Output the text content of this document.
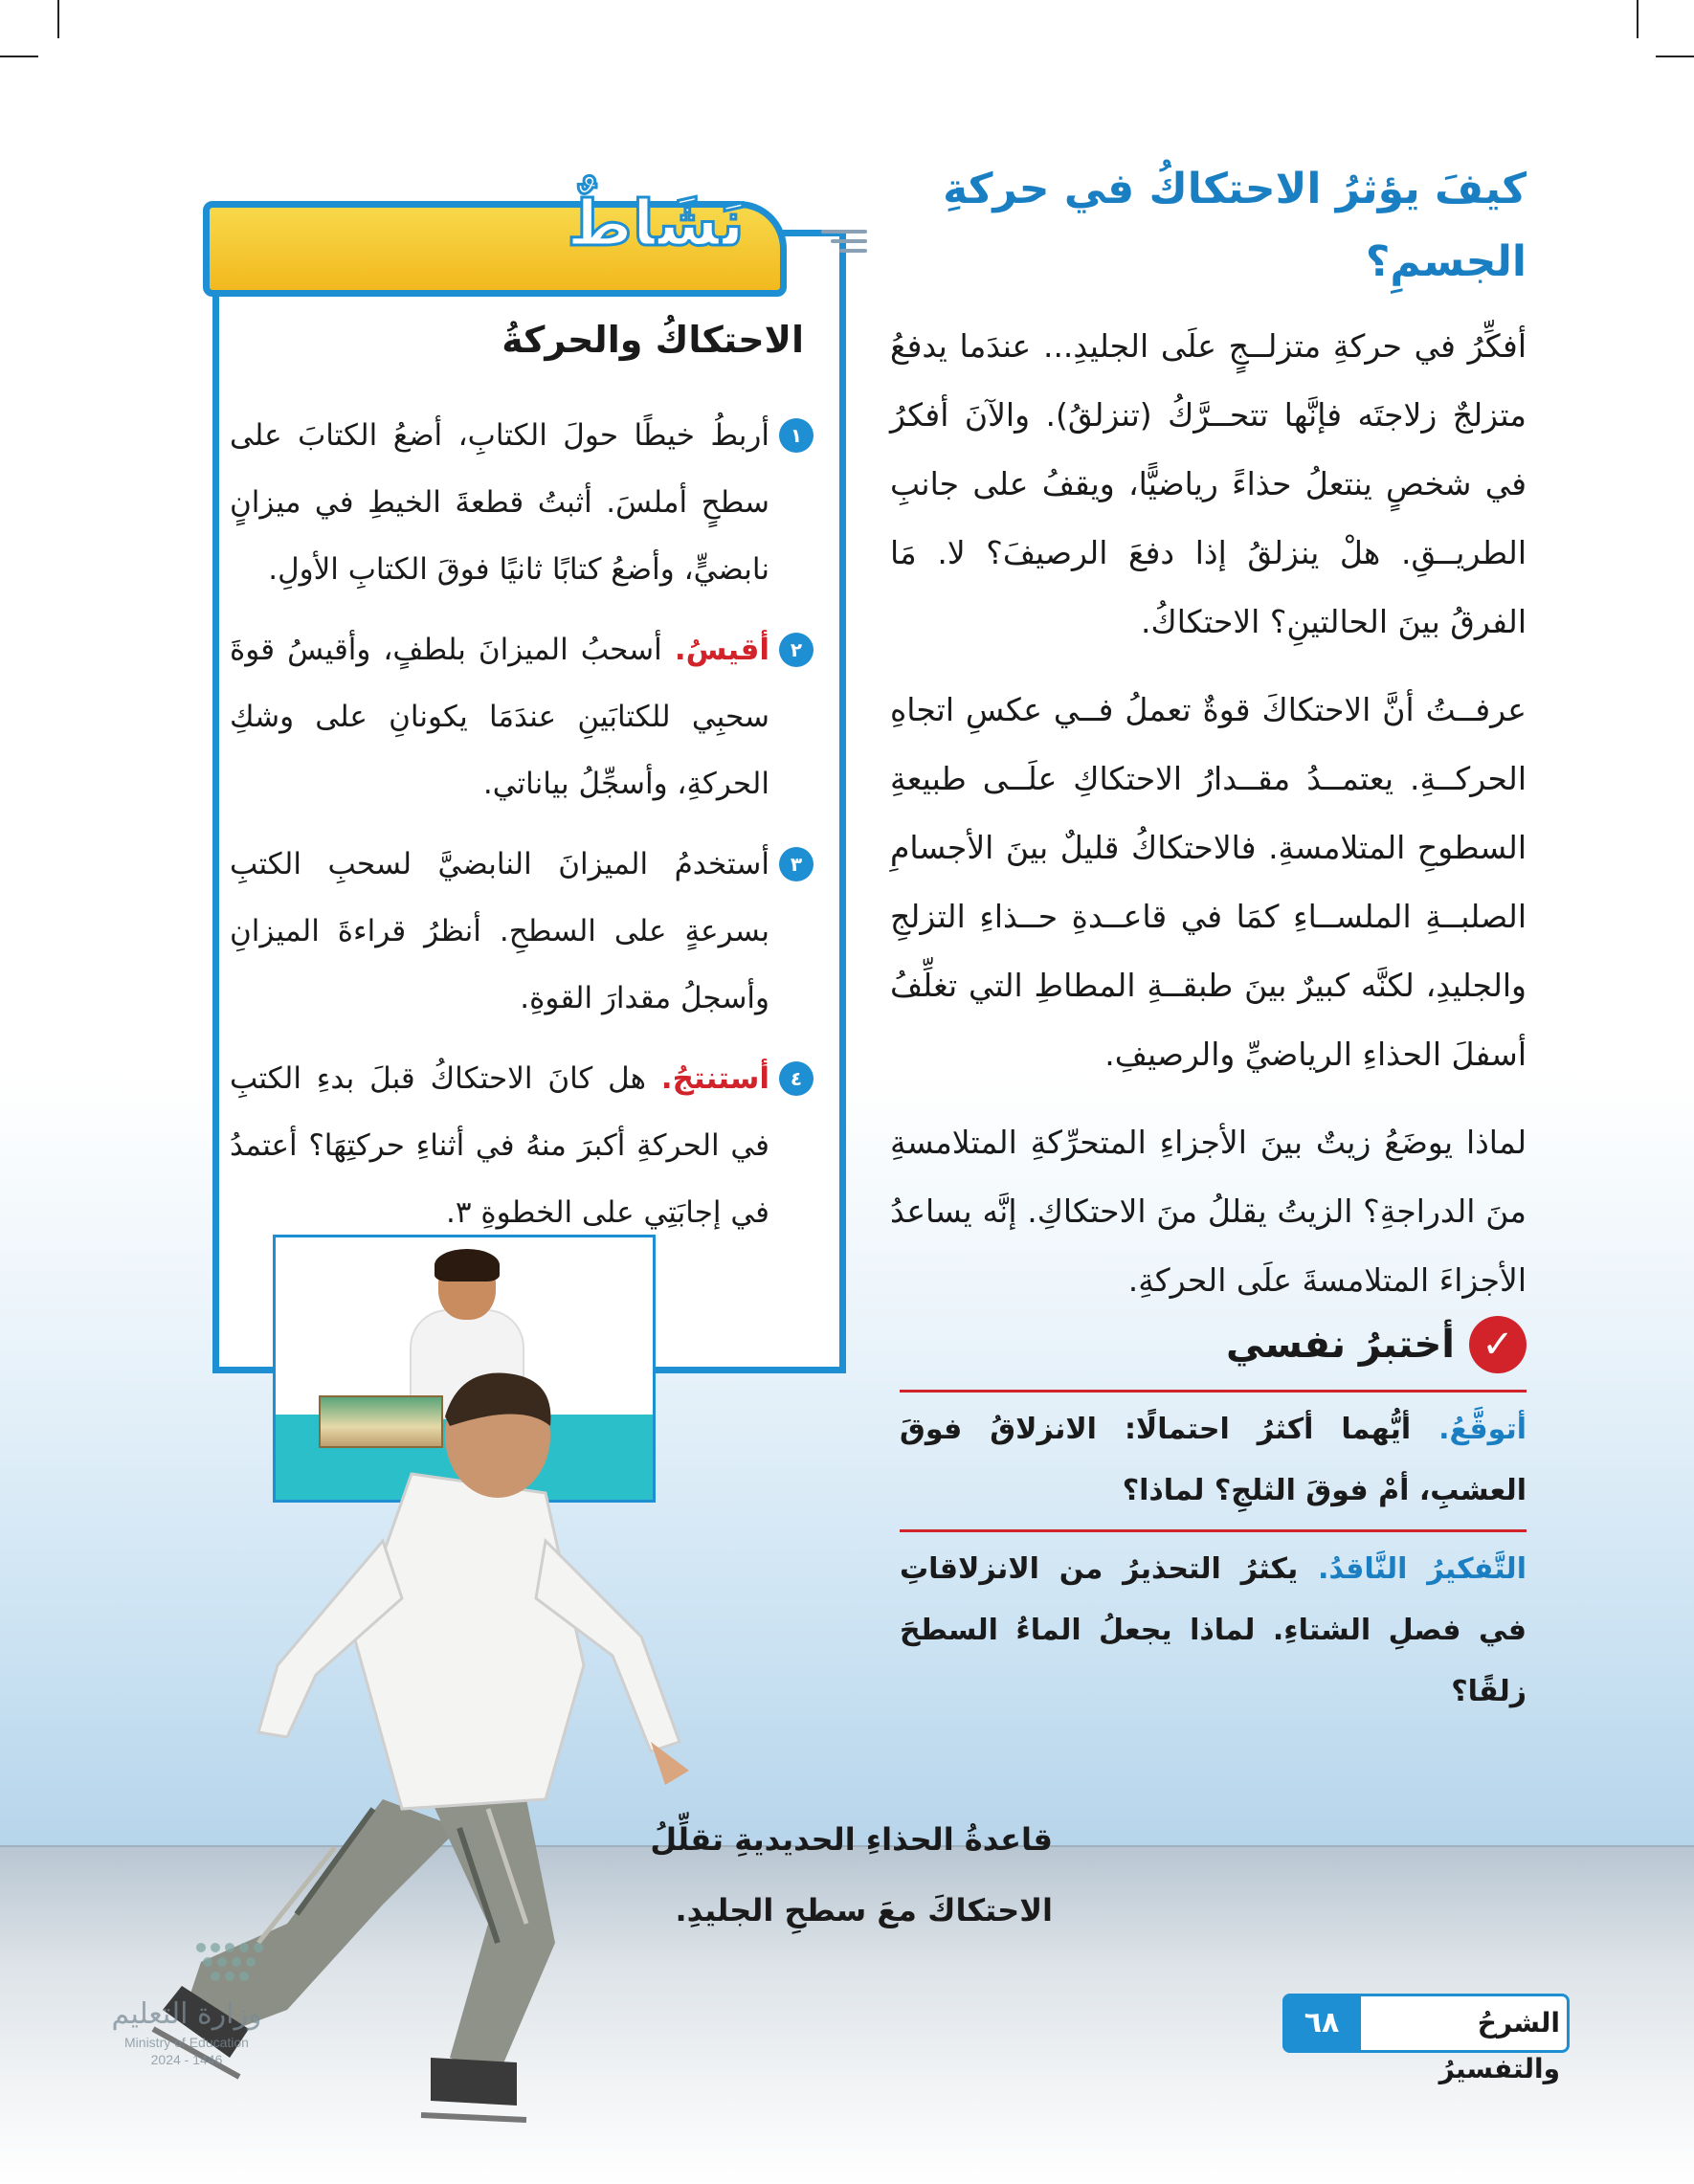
كيفَ يؤثرُ الاحتكاكُ في حركةِ الجسمِ؟

أفكِّرُ في حركةِ متزلــجٍ علَى الجليدِ... عندَما يدفعُ متزلجٌ زلاجتَه فإنَّها تتحــرَّكُ (تنزلقُ). والآنَ أفكرُ في شخصٍ ينتعلُ حذاءً رياضيًّا، ويقفُ على جانبِ الطريــقِ. هلْ ينزلقُ إذا دفعَ الرصيفَ؟ لا. مَا الفرقُ بينَ الحالتينِ؟ الاحتكاكُ.

عرفــتُ أنَّ الاحتكاكَ قوةٌ تعملُ فــي عكسِ اتجاهِ الحركــةِ. يعتمــدُ مقــدارُ الاحتكاكِ علَــى طبيعةِ السطوحِ المتلامسةِ. فالاحتكاكُ قليلٌ بينَ الأجسامِ الصلبــةِ الملســاءِ كمَا في قاعــدةِ حــذاءِ التزلجِ والجليدِ، لكنَّه كبيرٌ بينَ طبقــةِ المطاطِ التي تغلِّفُ أسفلَ الحذاءِ الرياضيِّ والرصيفِ.

لماذا يوضَعُ زيتٌ بينَ الأجزاءِ المتحرِّكةِ المتلامسةِ منَ الدراجةِ؟ الزيتُ يقللُ منَ الاحتكاكِ. إنَّه يساعدُ الأجزاءَ المتلامسةَ علَى الحركةِ.

نَشَاطٌ
الاحتكاكُ والحركةُ
١
أربطُ خيطًا حولَ الكتابِ، أضعُ الكتابَ على سطحٍ أملسَ. أثبتُ قطعةَ الخيطِ في ميزانٍ نابضيٍّ، وأضعُ كتابًا ثانيًا فوقَ الكتابِ الأولِ.
٢
أقيسُ. أسحبُ الميزانَ بلطفٍ، وأقيسُ قوةَ سحبِي للكتابَينِ عندَمَا يكونانِ على وشكِ الحركةِ، وأسجِّلُ بياناتي.
٣
أستخدمُ الميزانَ النابضيَّ لسحبِ الكتبِ بسرعةٍ على السطحِ. أنظرُ قراءةَ الميزانِ وأسجلُ مقدارَ القوةِ.
٤
أستنتجُ. هل كانَ الاحتكاكُ قبلَ بدءِ الكتبِ في الحركةِ أكبرَ منهُ في أثناءِ حركتِهَا؟ أعتمدُ في إجابَتِي على الخطوةِ ٣.
✓
أختبرُ نفسي
أتوقَّعُ. أيُّهما أكثرُ احتمالًا: الانزلاقُ فوقَ العشبِ، أمْ فوقَ الثلجِ؟ لماذا؟
التَّفكيرُ النَّاقدُ. يكثرُ التحذيرُ من الانزلاقاتِ في فصلِ الشتاءِ. لماذا يجعلُ الماءُ السطحَ زلقًا؟
قاعدةُ الحذاءِ الحديديةِ تقلِّلُ الاحتكاكَ معَ سطحِ الجليدِ.
الشرحُ والتفسيرُ
٦٨
وزارة التعليم
Ministry of Education
2024 - 1446
